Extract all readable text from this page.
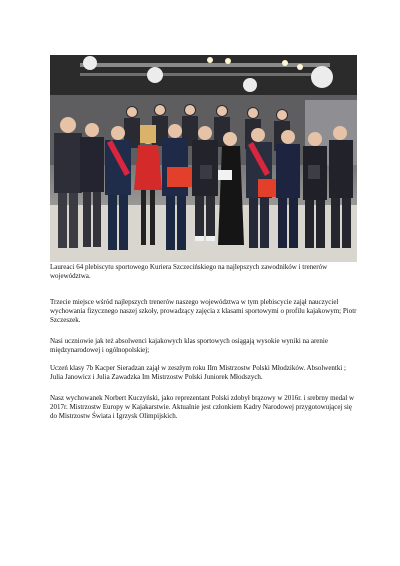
Laureaci 64 plebiscytu sportowego Kuriera Szczecińskiego na najlepszych zawodników i trenerów województwa.
Trzecie miejsce wśród najlepszych trenerów naszego województwa w tym plebiscycie zajął nauczyciel wychowania fizycznego naszej szkoły, prowadzący zajęcia z klasami sportowymi o profilu kajakowym; Piotr Szczeszek.
Nasi uczniowie jak też absolwenci kajakowych klas sportowych osiągają wysokie wyniki na arenie międzynarodowej i ogólnopolskiej;
Uczeń klasy 7b Kacper Sieradzan zajął w zeszłym roku IIm Mistrzostw Polski Młodzików. Absolwentki ; Julia Janowicz i Julia Zawadzka Im Mistrzostw Polski Juniorek Młodszych.
Nasz wychowanek Norbert Kuczyński, jako reprezentant Polski zdobył brązowy w 2016r. i srebrny medal w 2017r. Mistrzostw Europy w Kajakarstwie. Aktualnie jest członkiem Kadry Narodowej przygotowującej się do Mistrzostw Świata i Igrzysk Olimpijskich.
